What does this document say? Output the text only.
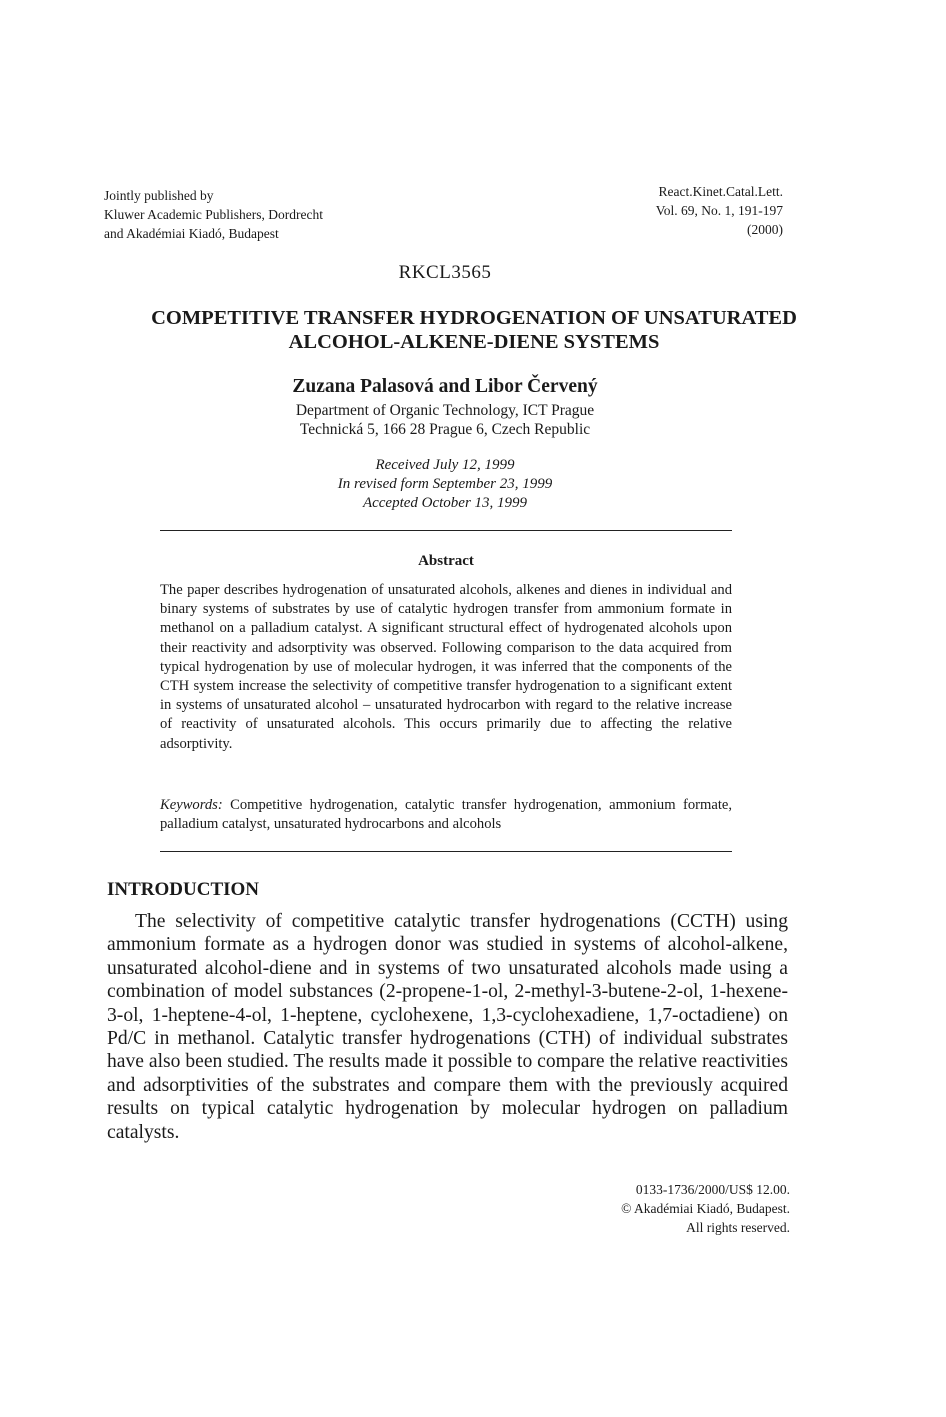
Jointly published by
Kluwer Academic Publishers, Dordrecht
and Akadémiai Kiadó, Budapest
React.Kinet.Catal.Lett.
Vol. 69, No. 1, 191-197
(2000)
RKCL3565
COMPETITIVE TRANSFER HYDROGENATION OF UNSATURATED
ALCOHOL-ALKENE-DIENE SYSTEMS
Zuzana Palasová and Libor Červený
Department of Organic Technology, ICT Prague
Technická 5, 166 28 Prague 6, Czech Republic
Received July 12, 1999
In revised form September 23, 1999
Accepted October 13, 1999
Abstract
The paper describes hydrogenation of unsaturated alcohols, alkenes and dienes in individual and binary systems of substrates by use of catalytic hydrogen transfer from ammonium formate in methanol on a palladium catalyst. A significant structural effect of hydrogenated alcohols upon their reactivity and adsorptivity was observed. Following comparison to the data acquired from typical hydrogenation by use of molecular hydrogen, it was inferred that the components of the CTH system increase the selectivity of competitive transfer hydrogenation to a significant extent in systems of unsaturated alcohol – unsaturated hydrocarbon with regard to the relative increase of reactivity of unsaturated alcohols. This occurs primarily due to affecting the relative adsorptivity.
Keywords: Competitive hydrogenation, catalytic transfer hydrogenation, ammonium formate, palladium catalyst, unsaturated hydrocarbons and alcohols
INTRODUCTION
The selectivity of competitive catalytic transfer hydrogenations (CCTH) using ammonium formate as a hydrogen donor was studied in systems of alcohol-alkene, unsaturated alcohol-diene and in systems of two unsaturated alcohols made using a combination of model substances (2-propene-1-ol, 2-methyl-3-butene-2-ol, 1-hexene-3-ol, 1-heptene-4-ol, 1-heptene, cyclohexene, 1,3-cyclohexadiene, 1,7-octadiene) on Pd/C in methanol. Catalytic transfer hydrogenations (CTH) of individual substrates have also been studied. The results made it possible to compare the relative reactivities and adsorptivities of the substrates and compare them with the previously acquired results on typical catalytic hydrogenation by molecular hydrogen on palladium catalysts.
0133-1736/2000/US$ 12.00.
© Akadémiai Kiadó, Budapest.
All rights reserved.
